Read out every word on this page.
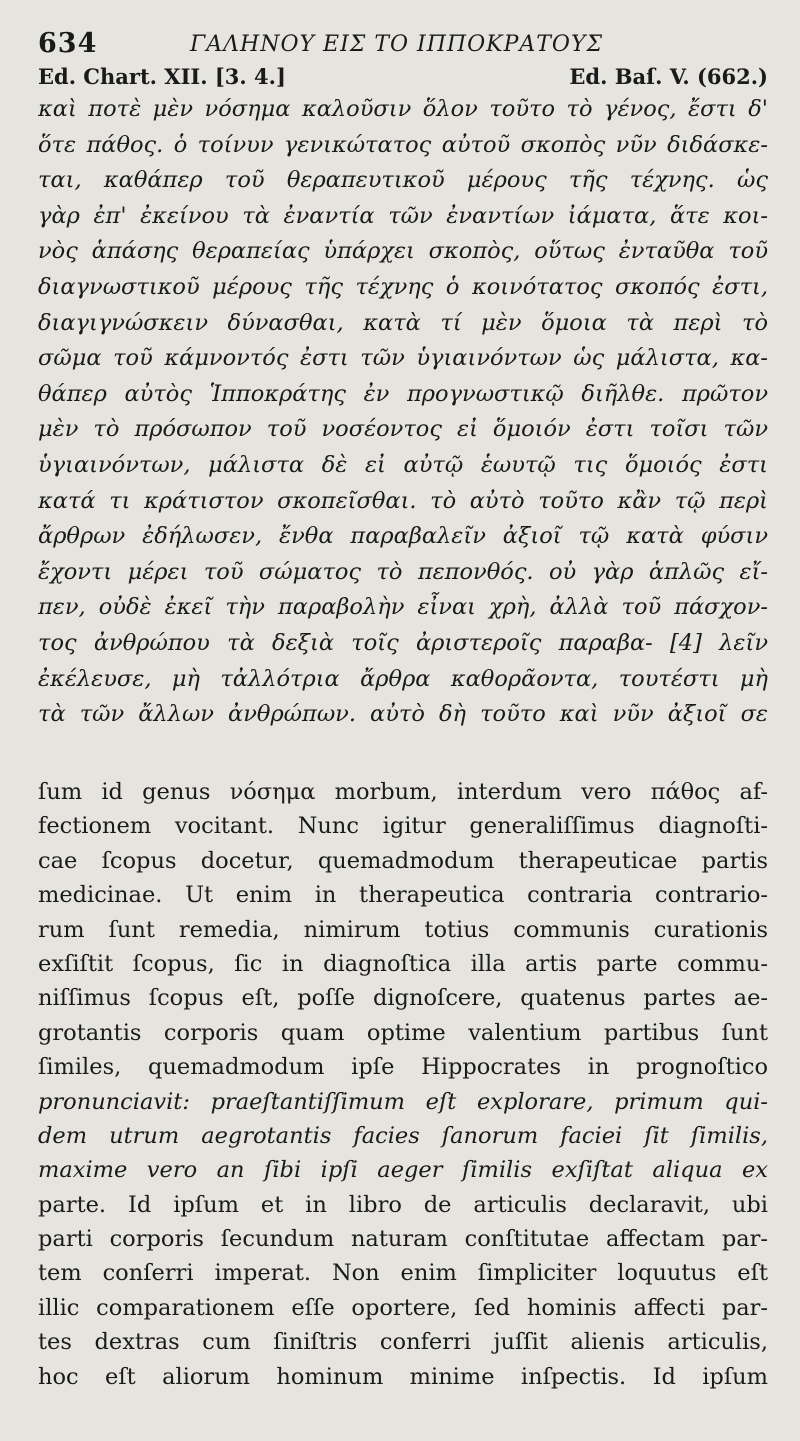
634	ΓΑΛΗΝΟΥ ΕΙΣ ΤΟ ΙΠΠΟΚΡΑΤΟΥΣ
Ed. Chart. XII. [3. 4.]	Ed. Baſ. V. (662.)
καὶ ποτὲ μὲν νόσημα καλοῦσιν ὅλον τοῦτο τὸ γένος, ἔστι δ'
ὅτε πάθος. ὁ τοίνυν γενικώτατος αὐτοῦ σκοπὸς νῦν διδάσκε-
ται, καθάπερ τοῦ θεραπευτικοῦ μέρους τῆς τέχνης. ὡς
γὰρ ἐπ' ἐκείνου τὰ ἐναντία τῶν ἐναντίων ἰάματα, ἅτε κοι-
νὸς ἁπάσης θεραπείας ὑπάρχει σκοπὸς, οὕτως ἐνταῦθα τοῦ
διαγνωστικοῦ μέρους τῆς τέχνης ὁ κοινότατος σκοπός ἐστι,
διαγιγνώσκειν δύνασθαι, κατὰ τί μὲν ὅμοια τὰ περὶ τὸ
σῶμα τοῦ κάμνοντός ἐστι τῶν ὑγιαινόντων ὡς μάλιστα, κα-
θάπερ αὐτὸς Ἱπποκράτης ἐν προγνωστικῷ διῆλθε. πρῶτον
μὲν τὸ πρόσωπον τοῦ νοσέοντος εἰ ὅμοιόν ἐστι τοῖσι τῶν
ὑγιαινόντων, μάλιστα δὲ εἰ αὐτῷ ἑωυτῷ τις ὅμοιός ἐστι
κατά τι κράτιστον σκοπεῖσθαι. τὸ αὐτὸ τοῦτο κἂν τῷ περὶ
ἄρθρων ἐδήλωσεν, ἔνθα παραβαλεῖν ἀξιοῖ τῷ κατὰ φύσιν
ἔχοντι μέρει τοῦ σώματος τὸ πεπονθός. οὐ γὰρ ἁπλῶς εἴ-
πεν, οὐδὲ ἐκεῖ τὴν παραβολὴν εἶναι χρὴ, ἀλλὰ τοῦ πάσχον-
τος ἀνθρώπου τὰ δεξιὰ τοῖς ἀριστεροῖς παραβα- [4] λεῖν
ἐκέλευσε, μὴ τἀλλότρια ἄρθρα καθορᾶοντα, τουτέστι μὴ
τὰ τῶν ἄλλων ἀνθρώπων. αὐτὸ δὴ τοῦτο καὶ νῦν ἀξιοῖ σε
ſum id genus νόσημα morbum, interdum vero πάθος af-
fectionem vocitant. Nunc igitur generaliſſimus diagnoſti-
cae ſcopus docetur, quemadmodum therapeuticae partis
medicinae. Ut enim in therapeutica contraria contrario-
rum ſunt remedia, nimirum totius communis curationis
exſiſtit ſcopus, ſic in diagnoſtica illa artis parte commu-
niſſimus ſcopus eſt, poſſe dignoſcere, quatenus partes ae-
grotantis corporis quam optime valentium partibus ſunt
ſimiles, quemadmodum ipſe Hippocrates in prognoſtico
pronunciavit: praeſtantiſſimum eſt explorare, primum qui-
dem utrum aegrotantis facies ſanorum faciei ſit ſimilis,
maxime vero an ſibi ipſi aeger ſimilis exſiſtat aliqua ex
parte. Id ipſum et in libro de articulis declaravit, ubi
parti corporis ſecundum naturam conſtitutae affectam par-
tem conſerri imperat. Non enim ſimpliciter loquutus eſt
illic comparationem eſſe oportere, ſed hominis affecti par-
tes dextras cum ſiniſtris conferri juſſit alienis articulis,
hoc eſt aliorum hominum minime inſpectis. Id ipſum
